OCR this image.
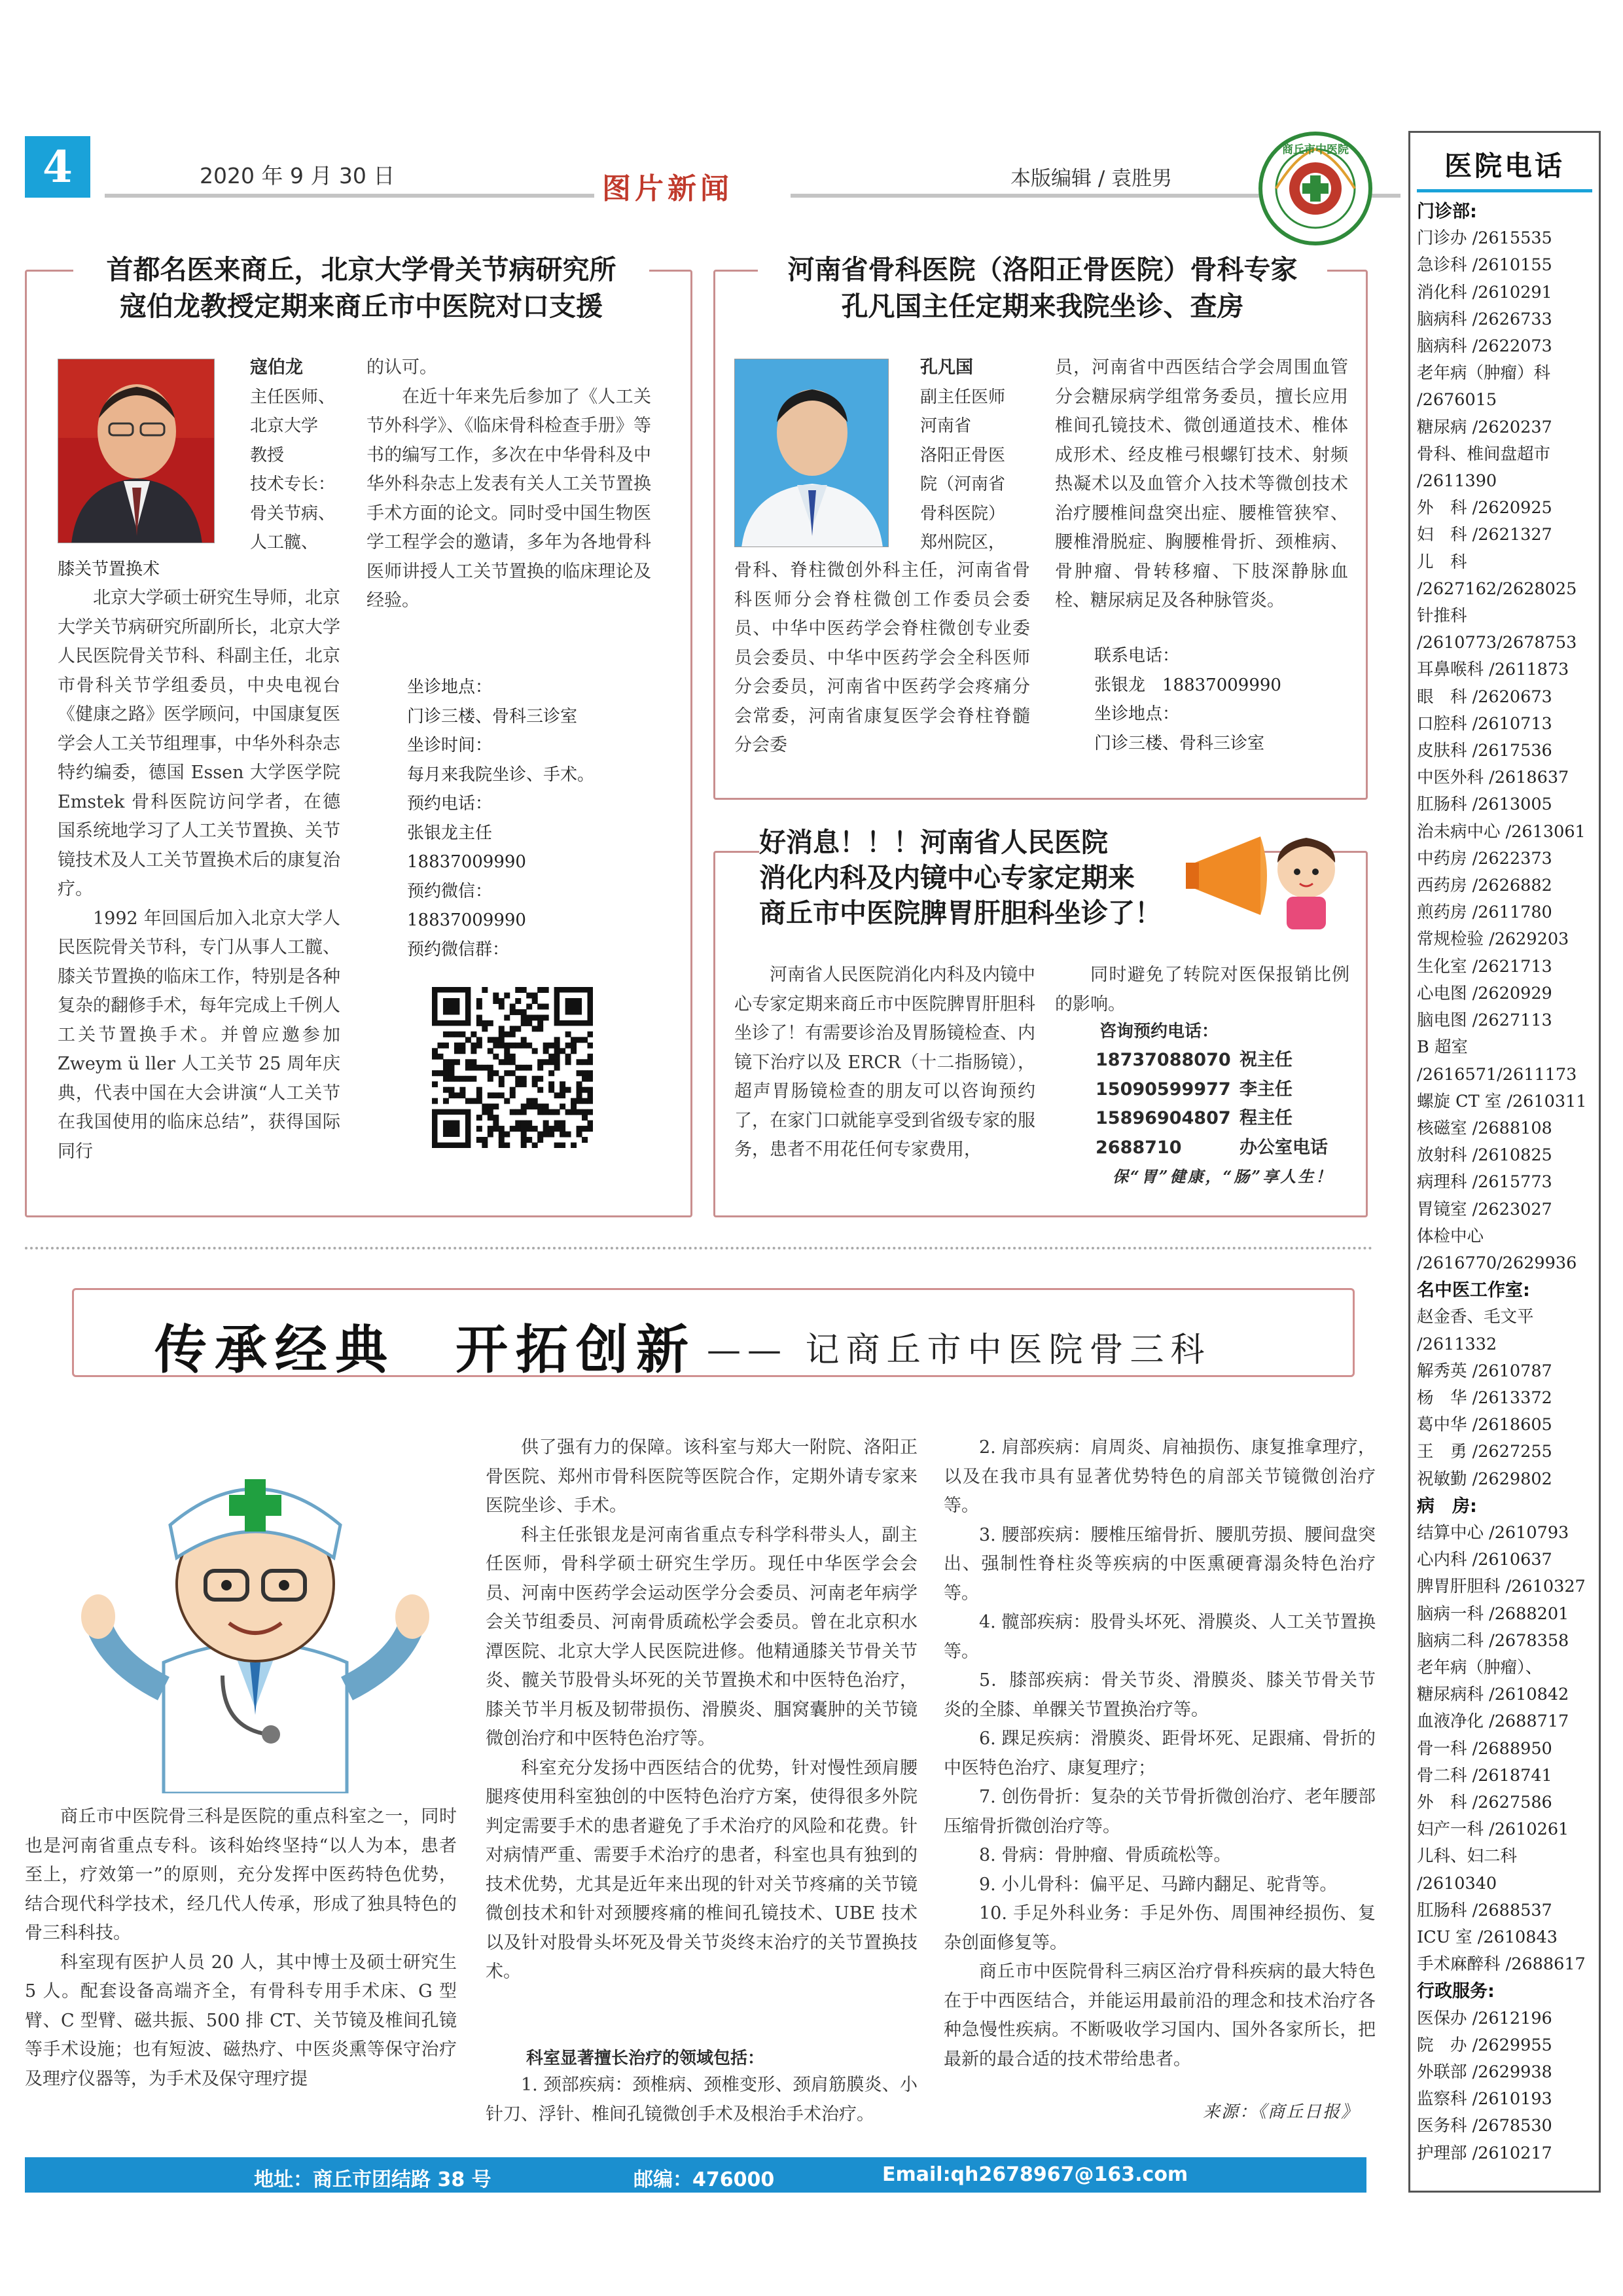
4	2020 年 9 月 30 日	图片新闻	本版编辑 / 袁胜男
商丘市中医院	医院电话
门诊部:
门诊办 /2615535
急诊科 /2610155
消化科 /2610291
脑病科 /2626733
脑病科 /2622073
老年病（肿瘤）科
/2676015
糖尿病 /2620237
骨科、椎间盘超市
/2611390
外　科 /2620925
妇　科 /2621327
儿　科
/2627162/2628025
针推科
/2610773/2678753
耳鼻喉科 /2611873
眼　科 /2620673
口腔科 /2610713
皮肤科 /2617536
中医外科 /2618637
肛肠科 /2613005
治未病中心 /2613061
中药房 /2622373
西药房 /2626882
煎药房 /2611780
常规检验 /2629203
生化室 /2621713
心电图 /2620929
脑电图 /2627113
B 超室
/2616571/2611173
螺旋 CT 室 /2610311
核磁室 /2688108
放射科 /2610825
病理科 /2615773
胃镜室 /2623027
体检中心
/2616770/2629936
名中医工作室:
赵金香、毛文平
/2611332
解秀英 /2610787
杨　华 /2613372
葛中华 /2618605
王　勇 /2627255
祝敏勤 /2629802
病　房:
结算中心 /2610793
心内科 /2610637
脾胃肝胆科 /2610327
脑病一科 /2688201
脑病二科 /2678358
老年病（肿瘤）、
糖尿病科 /2610842
血液净化 /2688717
骨一科 /2688950
骨二科 /2618741
外　科 /2627586
妇产一科 /2610261
儿科、妇二科
/2610340
肛肠科 /2688537
ICU 室 /2610843
手术麻醉科 /2688617
行政服务:
医保办 /2612196
院　办 /2629955
外联部 /2629938
监察科 /2610193
医务科 /2678530
护理部 /2610217
首都名医来商丘，北京大学骨关节病研究所
寇伯龙教授定期来商丘市中医院对口支援
寇伯龙
主任医师、
北京大学
教授
技术专长：
骨关节病、
人工髋、
膝关节置换术
北京大学硕士研究生导师，北京大学关节病研究所副所长，北京大学人民医院骨关节科、科副主任，北京市骨科关节学组委员，中央电视台《健康之路》医学顾问，中国康复医学会人工关节组理事，中华外科杂志特约编委，德国 Essen 大学医学院 Emstek 骨科医院访问学者，在德国系统地学习了人工关节置换、关节镜技术及人工关节置换术后的康复治疗。
1992 年回国后加入北京大学人民医院骨关节科，专门从事人工髋、膝关节置换的临床工作，特别是各种复杂的翻修手术，每年完成上千例人工关节置换手术。并曾应邀参加 Zweym ü ller 人工关节 25 周年庆典，代表中国在大会讲演“人工关节在我国使用的临床总结”，获得国际同行
的认可。
在近十年来先后参加了《人工关节外科学》、《临床骨科检查手册》等书的编写工作，多次在中华骨科及中华外科杂志上发表有关人工关节置换手术方面的论文。同时受中国生物医学工程学会的邀请，多年为各地骨科医师讲授人工关节置换的临床理论及经验。
坐诊地点：
门诊三楼、骨科三诊室
坐诊时间：
每月来我院坐诊、手术。
预约电话：
张银龙主任
18837009990
预约微信：
18837009990
预约微信群：
河南省骨科医院（洛阳正骨医院）骨科专家
孔凡国主任定期来我院坐诊、查房
孔凡国
副主任医师
河南省
洛阳正骨医
院（河南省
骨科医院）
郑州院区，
骨科、脊柱微创外科主任，河南省骨科医师分会脊柱微创工作委员会委员、中华中医药学会脊柱微创专业委员会委员、中华中医药学会全科医师分会委员，河南省中医药学会疼痛分会常委，河南省康复医学会脊柱脊髓分会委
员，河南省中西医结合学会周围血管分会糖尿病学组常务委员，擅长应用椎间孔镜技术、微创通道技术、椎体成形术、经皮椎弓根螺钉技术、射频热凝术以及血管介入技术等微创技术治疗腰椎间盘突出症、腰椎管狭窄、腰椎滑脱症、胸腰椎骨折、颈椎病、骨肿瘤、骨转移瘤、下肢深静脉血栓、糖尿病足及各种脉管炎。
联系电话：
张银龙　18837009990
坐诊地点：
门诊三楼、骨科三诊室
好消息！！！河南省人民医院
消化内科及内镜中心专家定期来
商丘市中医院脾胃肝胆科坐诊了！
河南省人民医院消化内科及内镜中心专家定期来商丘市中医院脾胃肝胆科坐诊了！有需要诊治及胃肠镜检查、内镜下治疗以及 ERCR（十二指肠镜），超声胃肠镜检查的朋友可以咨询预约了，在家门口就能享受到省级专家的服务，患者不用花任何专家费用，
同时避免了转院对医保报销比例的影响。
咨询预约电话：
18737088070 祝主任
15090599977 李主任
15896904807 程主任
2688710	办公室电话
保“胃”健康，“肠”享人生！
传承经典　开拓创新 —— 记商丘市中医院骨三科
商丘市中医院骨三科是医院的重点科室之一，同时也是河南省重点专科。该科始终坚持“以人为本，患者至上，疗效第一”的原则，充分发挥中医药特色优势，结合现代科学技术，经几代人传承，形成了独具特色的骨三科科技。
科室现有医护人员 20 人，其中博士及硕士研究生 5 人。配套设备高端齐全，有骨科专用手术床、G 型臂、C 型臂、磁共振、500 排 CT、关节镜及椎间孔镜等手术设施；也有短波、磁热疗、中医炎熏等保守治疗及理疗仪器等，为手术及保守理疗提
供了强有力的保障。该科室与郑大一附院、洛阳正骨医院、郑州市骨科医院等医院合作，定期外请专家来医院坐诊、手术。
科主任张银龙是河南省重点专科学科带头人，副主任医师，骨科学硕士研究生学历。现任中华医学会会员、河南中医药学会运动医学分会委员、河南老年病学会关节组委员、河南骨质疏松学会委员。曾在北京积水潭医院、北京大学人民医院进修。他精通膝关节骨关节炎、髋关节股骨头坏死的关节置换术和中医特色治疗，膝关节半月板及韧带损伤、滑膜炎、腘窝囊肿的关节镜微创治疗和中医特色治疗等。
科室充分发扬中西医结合的优势，针对慢性颈肩腰腿疼使用科室独创的中医特色治疗方案，使得很多外院判定需要手术的患者避免了手术治疗的风险和花费。针对病情严重、需要手术治疗的患者，科室也具有独到的技术优势，尤其是近年来出现的针对关节疼痛的关节镜微创技术和针对颈腰疼痛的椎间孔镜技术、UBE 技术以及针对股骨头坏死及骨关节炎终末治疗的关节置换技术。
科室显著擅长治疗的领域包括：
1. 颈部疾病：颈椎病、颈椎变形、颈肩筋膜炎、小针刀、浮针、椎间孔镜微创手术及根治手术治疗。
2. 肩部疾病：肩周炎、肩袖损伤、康复推拿理疗，以及在我市具有显著优势特色的肩部关节镜微创治疗等。
3. 腰部疾病：腰椎压缩骨折、腰肌劳损、腰间盘突出、强制性脊柱炎等疾病的中医熏硬膏溻灸特色治疗等。
4. 髋部疾病：股骨头坏死、滑膜炎、人工关节置换等。
5．膝部疾病：骨关节炎、滑膜炎、膝关节骨关节炎的全膝、单髁关节置换治疗等。
6. 踝足疾病：滑膜炎、距骨坏死、足跟痛、骨折的中医特色治疗、康复理疗；
7. 创伤骨折：复杂的关节骨折微创治疗、老年腰部压缩骨折微创治疗等。
8. 骨病：骨肿瘤、骨质疏松等。
9. 小儿骨科：偏平足、马蹄内翻足、驼背等。
10. 手足外科业务：手足外伤、周围神经损伤、复杂创面修复等。
商丘市中医院骨科三病区治疗骨科疾病的最大特色在于中西医结合，并能运用最前沿的理念和技术治疗各种急慢性疾病。不断吸收学习国内、国外各家所长，把最新的最合适的技术带给患者。
来源：《商丘日报》
地址：商丘市团结路 38 号	邮编：476000	Email:qh2678967@163.com
